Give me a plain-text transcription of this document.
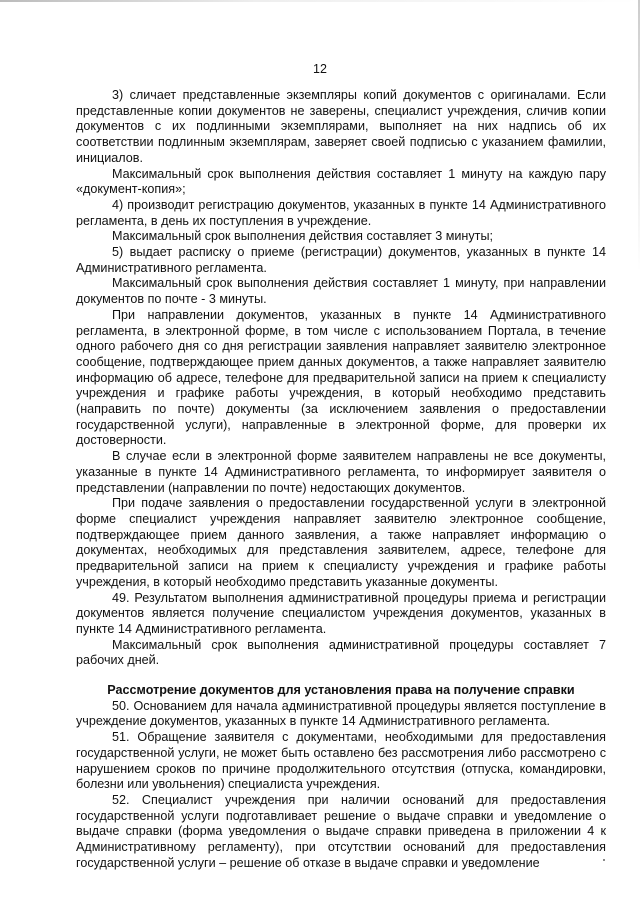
12

3) сличает представленные экземпляры копий документов с оригиналами. Если представленные копии документов не заверены, специалист учреждения, сличив копии документов с их подлинными экземплярами, выполняет на них надпись об их соответствии подлинным экземплярам, заверяет своей подписью с указанием фамилии, инициалов.

Максимальный срок выполнения действия составляет 1 минуту на каждую пару «документ-копия»;

4) производит регистрацию документов, указанных в пункте 14 Административного регламента, в день их поступления в учреждение.

Максимальный срок выполнения действия составляет 3 минуты;

5) выдает расписку о приеме (регистрации) документов, указанных в пункте 14 Административного регламента.

Максимальный срок выполнения действия составляет 1 минуту, при направлении документов по почте - 3 минуты.

При направлении документов, указанных в пункте 14 Административного регламента, в электронной форме, в том числе с использованием Портала, в течение одного рабочего дня со дня регистрации заявления направляет заявителю электронное сообщение, подтверждающее прием данных документов, а также направляет заявителю информацию об адресе, телефоне для предварительной записи на прием к специалисту учреждения и графике работы учреждения, в который необходимо представить (направить по почте) документы (за исключением заявления о предоставлении государственной услуги), направленные в электронной форме, для проверки их достоверности.

В случае если в электронной форме заявителем направлены не все документы, указанные в пункте 14 Административного регламента, то информирует заявителя о представлении (направлении по почте) недостающих документов.

При подаче заявления о предоставлении государственной услуги в электронной форме специалист учреждения направляет заявителю электронное сообщение, подтверждающее прием данного заявления, а также направляет информацию о документах, необходимых для представления заявителем, адресе, телефоне для предварительной записи на прием к специалисту учреждения и графике работы учреждения, в который необходимо представить указанные документы.

49. Результатом выполнения административной процедуры приема и регистрации документов является получение специалистом учреждения документов, указанных в пункте 14 Административного регламента.

Максимальный срок выполнения административной процедуры составляет 7 рабочих дней.

Рассмотрение документов для установления права на получение справки

50. Основанием для начала административной процедуры является поступление в учреждение документов, указанных в пункте 14 Административного регламента.

51. Обращение заявителя с документами, необходимыми для предоставления государственной услуги, не может быть оставлено без рассмотрения либо рассмотрено с нарушением сроков по причине продолжительного отсутствия (отпуска, командировки, болезни или увольнения) специалиста учреждения.

52. Специалист учреждения при наличии оснований для предоставления государственной услуги подготавливает решение о выдаче справки и уведомление о выдаче справки (форма уведомления о выдаче справки приведена в приложении 4 к Административному регламенту), при отсутствии оснований для предоставления государственной услуги – решение об отказе в выдаче справки и уведомление
